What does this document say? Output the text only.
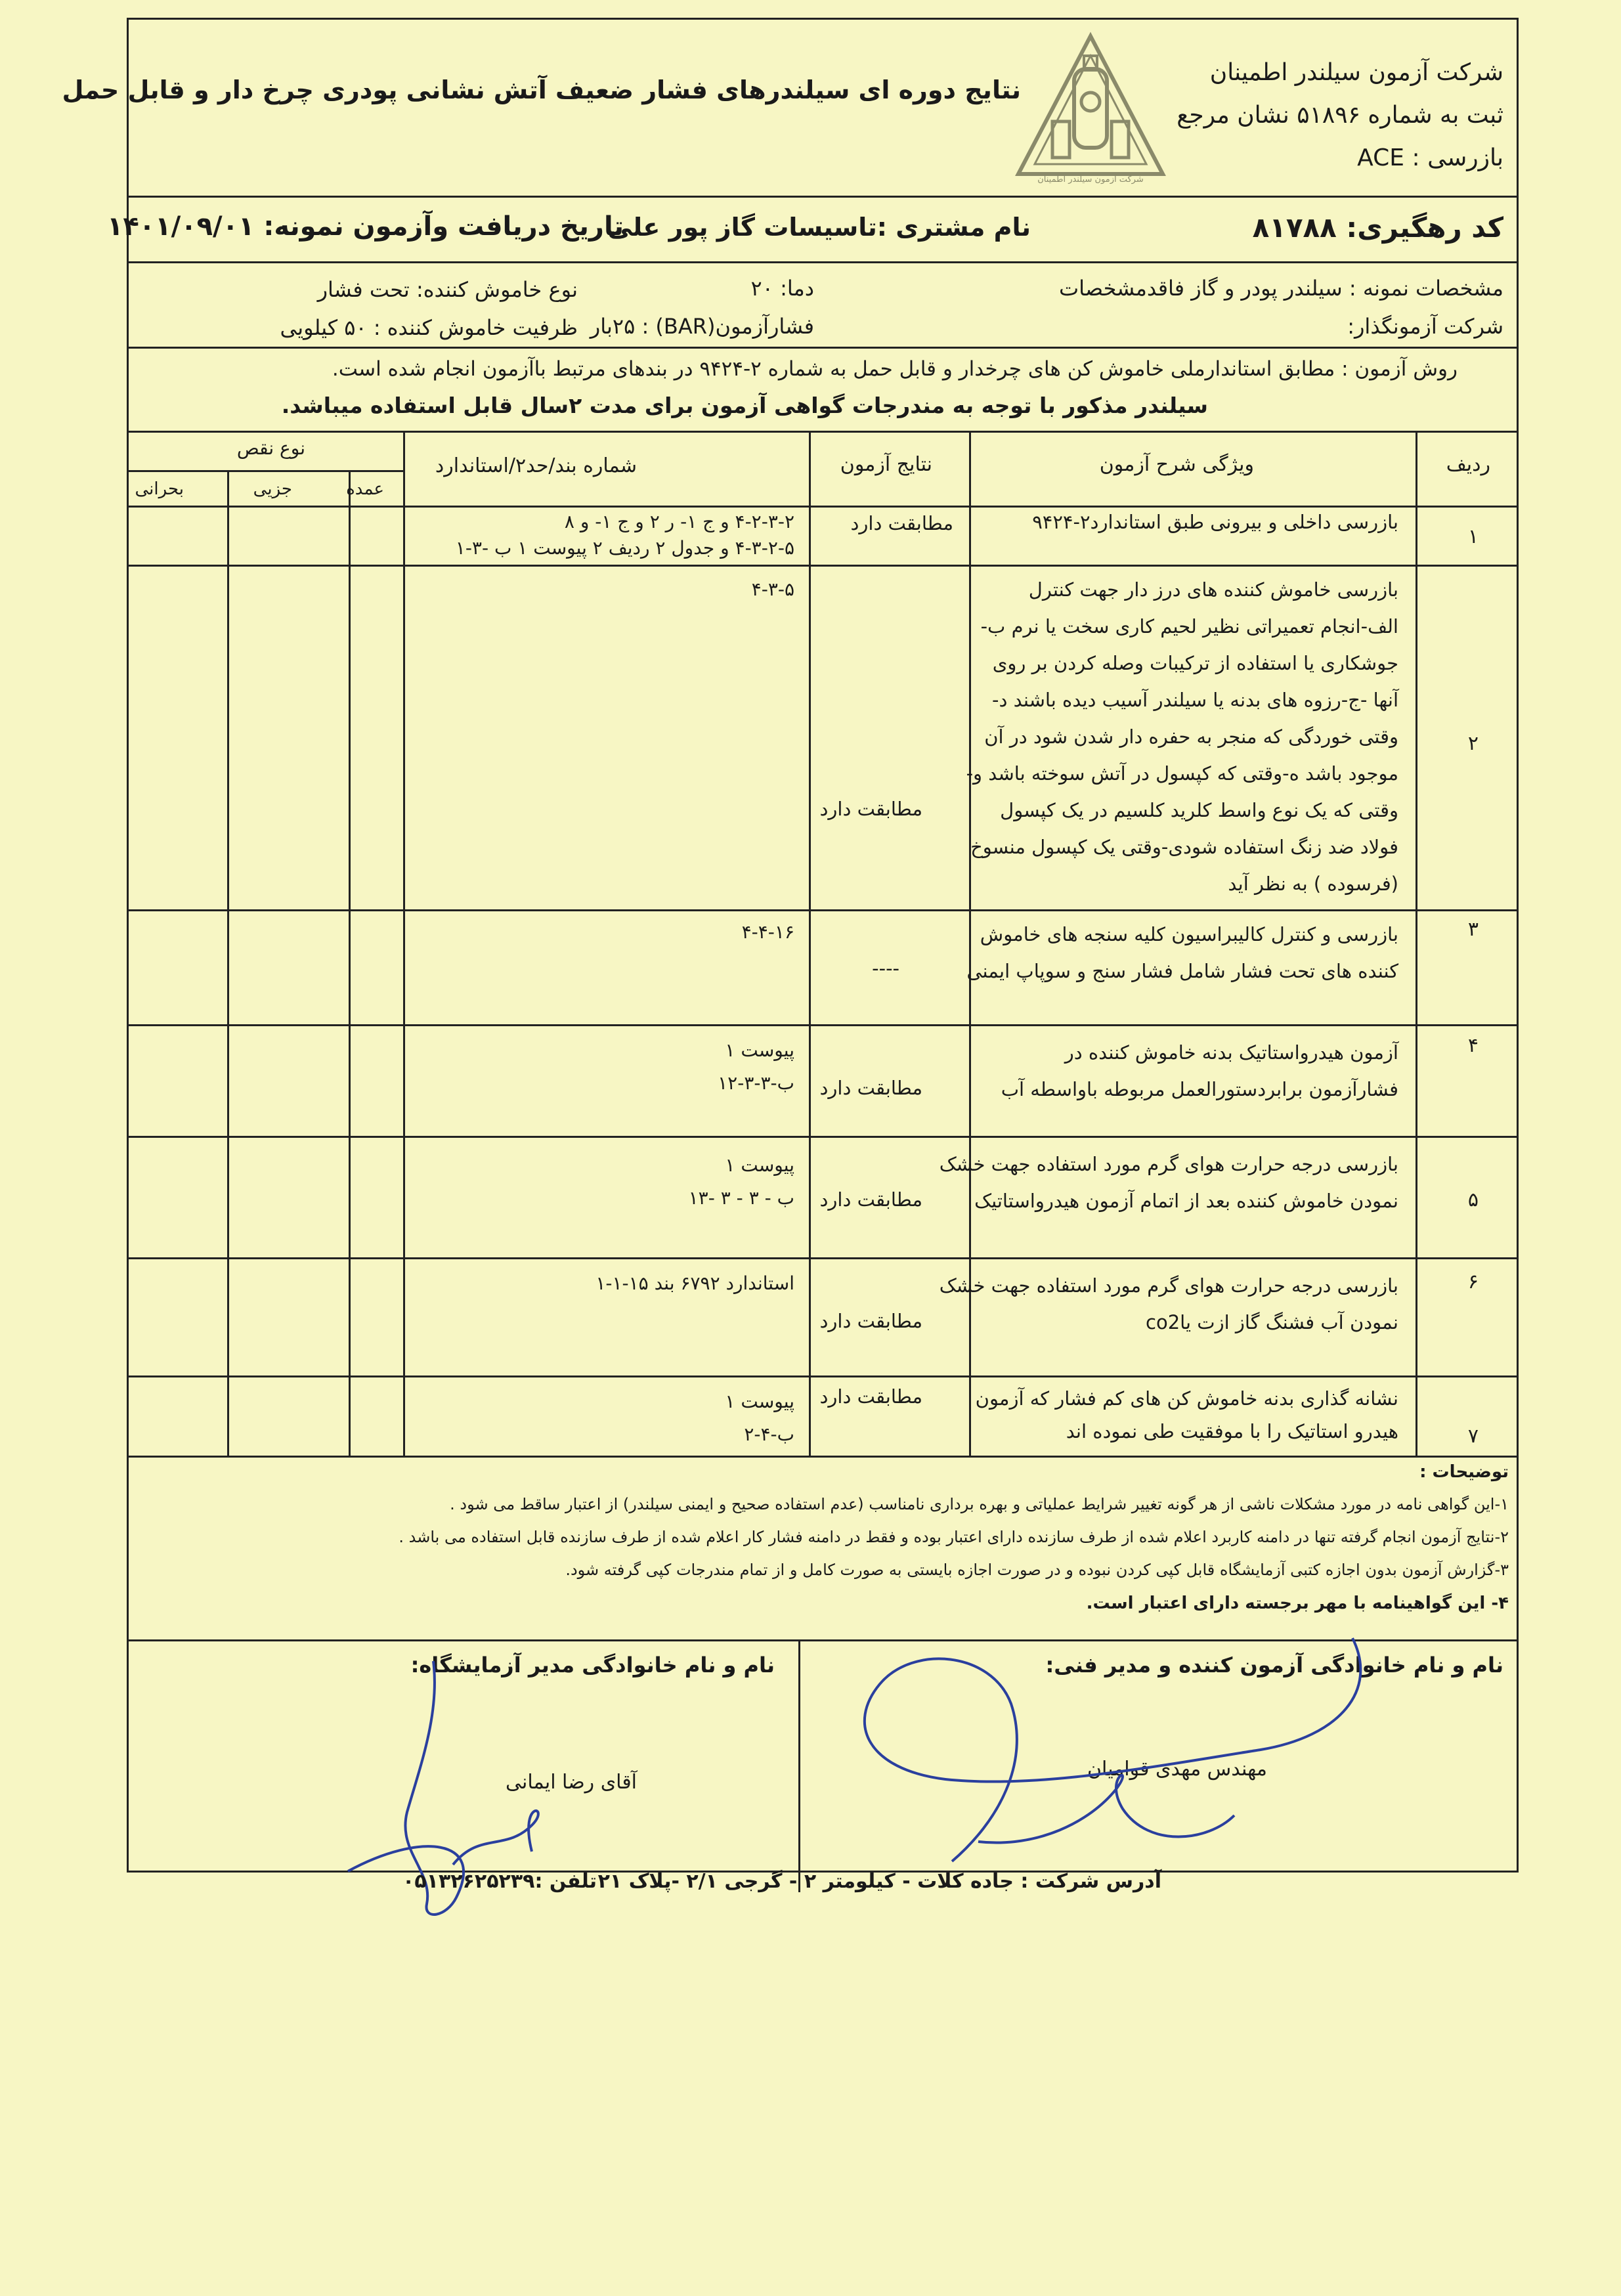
شرکت آزمون سیلندر اطمینان
ثبت به شماره ۵۱۸۹۶ نشان مرجع
بازرسی : ACE
شرکت آزمون سیلندر اطمینان
نتایج دوره ای سیلندرهای فشار ضعیف آتش نشانی پودری چرخ دار و قابل حمل
کد رهگیری: ۸۱۷۸۸
نام مشتری :تاسیسات گاز پور علی
تاریخ دریافت وآزمون نمونه: ۱۴۰۱/۰۹/۰۱
مشخصات نمونه : سیلندر پودر و گاز فاقدمشخصات
دما: ۲۰
نوع خاموش کننده: تحت فشار
شرکت آزمونگذار:
فشارآزمون(BAR) : ۲۵بار
ظرفیت خاموش کننده : ۵۰ کیلویی
روش آزمون : مطابق استاندارملی خاموش کن های چرخدار و قابل حمل به شماره ۲-۹۴۲۴ در بندهای مرتبط باآزمون انجام شده است.
سیلندر مذکور با توجه به مندرجات گواهی آزمون برای مدت ۲سال قابل استفاده میباشد.
ردیف
ویژگی شرح آزمون
نتایج آزمون
شماره بند/حد۲/استاندارد
نوع نقص
عمده
جزیی
بحرانی
۱
بازرسی داخلی و بیرونی طبق استاندارد۲-۹۴۲۴
مطابقت دارد
۴-۲-۳-۲ و ج ۱- ر ۲ و ج ۱- و ۸
۴-۳-۲-۵ و جدول ۲ ردیف ۲ پیوست ۱ ب -۳-۱
۲
بازرسی خاموش کننده های درز دار جهت کنترل
الف-انجام تعمیراتی نظیر لحیم کاری سخت یا نرم ب-
جوشکاری یا استفاده از ترکیبات وصله کردن بر روی
آنها -ج-رزوه های بدنه یا سیلندر آسیب دیده باشند د-
وقتی خوردگی که منجر به حفره دار شدن شود در آن
موجود باشد ه-وقتی که کپسول در آتش سوخته باشد و-
وقتی که یک نوع واسط کلرید کلسیم در یک کپسول
فولاد ضد زنگ استفاده شودی-وقتی یک کپسول منسوخ
(فرسوده ) به نظر آید
مطابقت دارد
۴-۳-۵
۳
بازرسی و کنترل کالیبراسیون کلیه سنجه های خاموش
کننده های تحت فشار شامل فشار سنج و سوپاپ ایمنی
----
۴-۴-۱۶
۴
آزمون هیدرواستاتیک بدنه خاموش کننده در
فشارآزمون برابردستورالعمل مربوطه باواسطه آب
مطابقت دارد
پیوست ۱
ب-۳-۳-۱۲
۵
بازرسی درجه حرارت هوای گرم مورد استفاده جهت خشک
نمودن خاموش کننده بعد از اتمام آزمون هیدرواستاتیک
مطابقت دارد
پیوست ۱
ب - ۳ - ۳ -۱۳
۶
بازرسی درجه حرارت هوای گرم مورد استفاده جهت خشک
نمودن آب فشنگ گاز ازت یاco2
مطابقت دارد
استاندارد ۶۷۹۲ بند ۱۵-۱-۱
۷
نشانه گذاری بدنه خاموش کن های کم فشار که آزمون
هیدرو استاتیک را با موفقیت طی نموده اند
مطابقت دارد
پیوست ۱
ب-۴-۲
توضیحات :
۱-این گواهی نامه در مورد مشکلات ناشی از هر گونه تغییر شرایط عملیاتی و بهره برداری نامناسب (عدم استفاده صحیح و ایمنی سیلندر) از اعتبار ساقط می شود .
۲-نتایج آزمون انجام گرفته تنها در دامنه کاربرد اعلام شده از طرف سازنده دارای اعتبار بوده و فقط در دامنه فشار کار اعلام شده از طرف سازنده قابل استفاده می باشد .
۳-گزارش آزمون بدون اجازه کتبی آزمایشگاه قابل کپی کردن نبوده و در صورت اجازه بایستی به صورت کامل و از تمام مندرجات کپی گرفته شود.
۴- این گواهینامه با مهر برجسته دارای اعتبار است.
نام و نام خانوادگی آزمون کننده و مدیر فنی:
مهندس مهدی قوامیان
نام و نام خانوادگی مدیر آزمایشگاه:
آقای رضا ایمانی
آدرس شرکت : جاده کلات - کیلومتر ۲ - گرجی ۲/۱ -پلاک ۲۱
تلفن :۰۵۱۳۲۶۲۵۲۳۹
